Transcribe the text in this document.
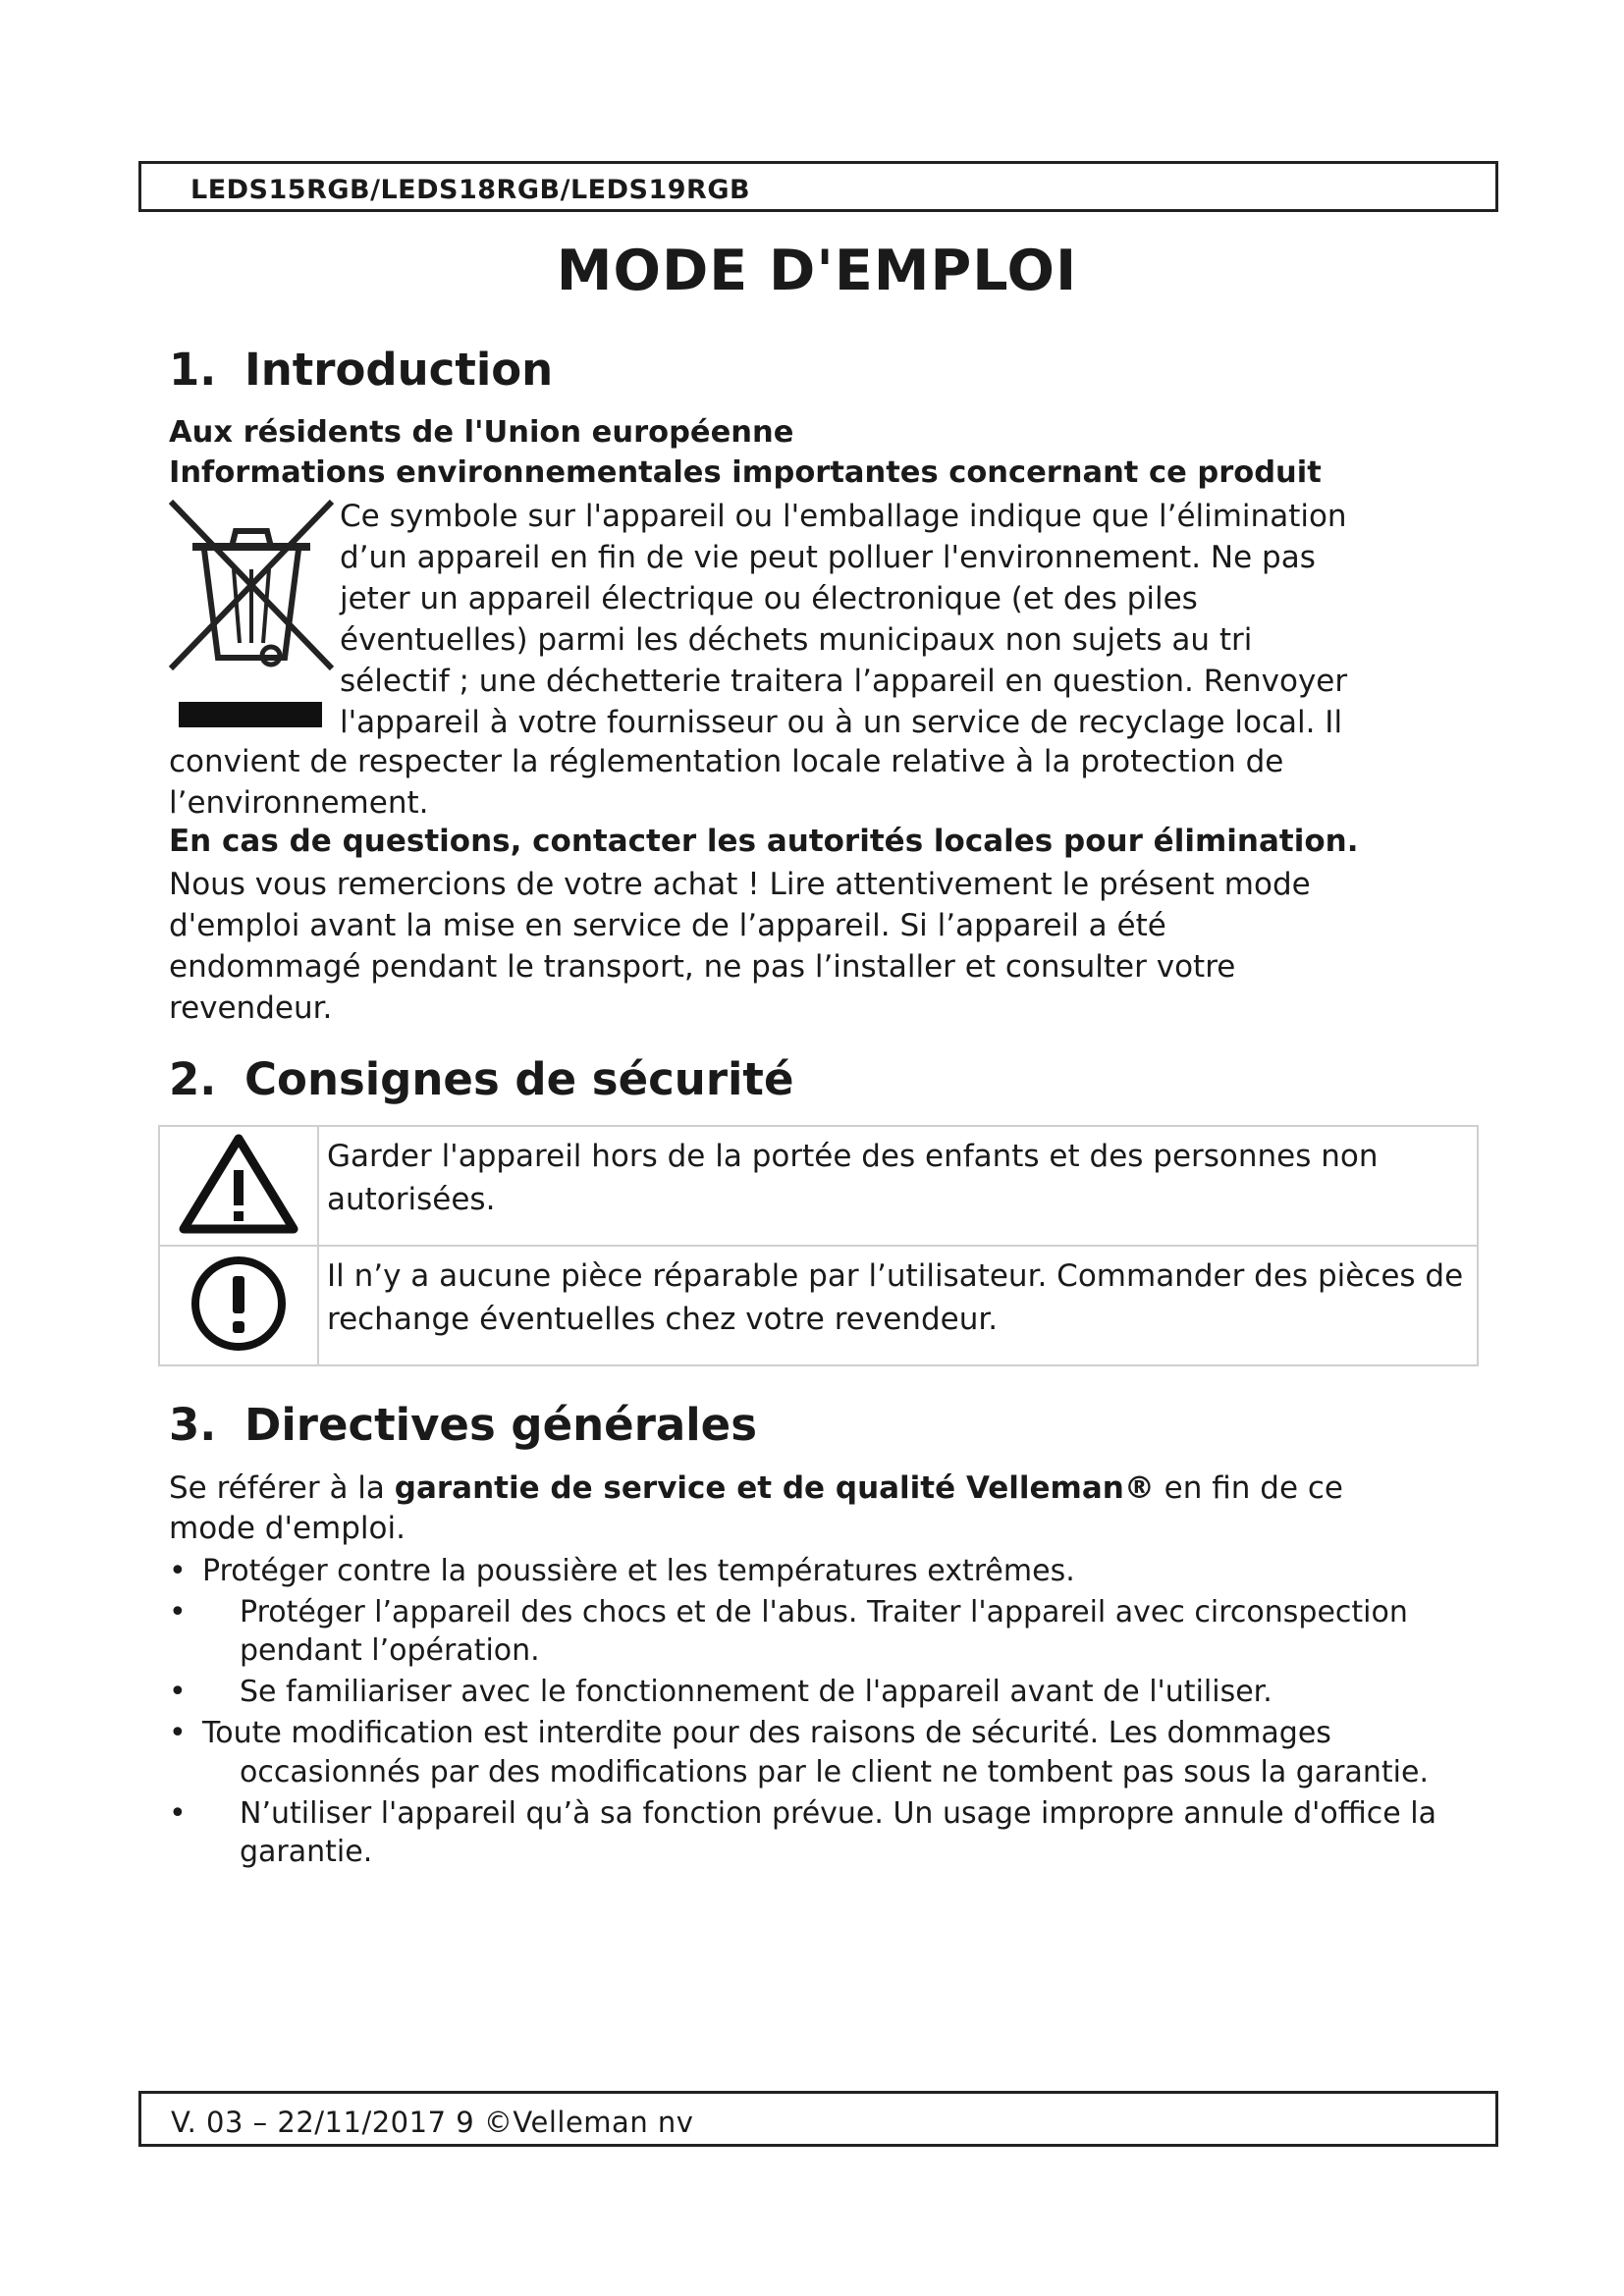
LEDS15RGB/LEDS18RGB/LEDS19RGB
MODE D'EMPLOI
1. Introduction
Aux résidents de l'Union européenne
Informations environnementales importantes concernant ce produit
Ce symbole sur l'appareil ou l'emballage indique que l’élimination
d’un appareil en fin de vie peut polluer l'environnement. Ne pas
jeter un appareil électrique ou électronique (et des piles
éventuelles) parmi les déchets municipaux non sujets au tri
sélectif ; une déchetterie traitera l’appareil en question. Renvoyer
l'appareil à votre fournisseur ou à un service de recyclage local. Il
convient de respecter la réglementation locale relative à la protection de
l’environnement.
En cas de questions, contacter les autorités locales pour élimination.
Nous vous remercions de votre achat ! Lire attentivement le présent mode
d'emploi avant la mise en service de l’appareil. Si l’appareil a été
endommagé pendant le transport, ne pas l’installer et consulter votre
revendeur.
2. Consignes de sécurité
	Garder l'appareil hors de la portée des enfants et des personnes non autorisées.
	Il n’y a aucune pièce réparable par l’utilisateur. Commander des pièces de rechange éventuelles chez votre revendeur.
3. Directives générales
Se référer à la garantie de service et de qualité Velleman® en fin de ce
mode d'emploi.
• Protéger contre la poussière et les températures extrêmes.
• Protéger l’appareil des chocs et de l'abus. Traiter l'appareil avec circonspection pendant l’opération.
• Se familiariser avec le fonctionnement de l'appareil avant de l'utiliser.
• Toute modification est interdite pour des raisons de sécurité. Les dommages occasionnés par des modifications par le client ne tombent pas sous la garantie.
• N’utiliser l'appareil qu’à sa fonction prévue. Un usage impropre annule d'office la garantie.
V. 03 – 22/11/2017 9 ©Velleman nv
